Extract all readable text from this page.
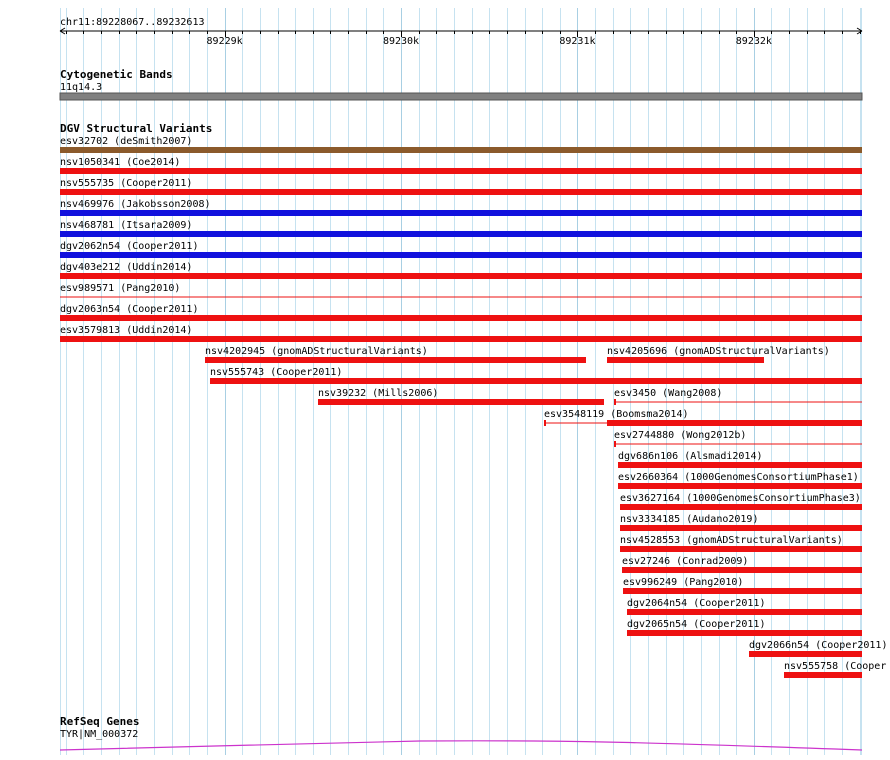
chr11:89228067..89232613
89229k	89230k	89231k	89232k
Cytogenetic Bands
11q14.3
DGV Structural Variants
esv32702 (deSmith2007)
nsv1050341 (Coe2014)
nsv555735 (Cooper2011)
nsv469976 (Jakobsson2008)
nsv468781 (Itsara2009)
dgv2062n54 (Cooper2011)
dgv403e212 (Uddin2014)
esv989571 (Pang2010)
dgv2063n54 (Cooper2011)
esv3579813 (Uddin2014)
nsv4202945 (gnomADStructuralVariants)	nsv4205696 (gnomADStructuralVariants)
nsv555743 (Cooper2011)
nsv39232 (Mills2006)	esv3450 (Wang2008)
esv3548119 (Boomsma2014)
esv2744880 (Wong2012b)
dgv686n106 (Alsmadi2014)
esv2660364 (1000GenomesConsortiumPhase1)
esv3627164 (1000GenomesConsortiumPhase3)
nsv3334185 (Audano2019)
nsv4528553 (gnomADStructuralVariants)
esv27246 (Conrad2009)
esv996249 (Pang2010)
dgv2064n54 (Cooper2011)
dgv2065n54 (Cooper2011)
dgv2066n54 (Cooper2011)
nsv555758 (Cooper
RefSeq Genes
TYR|NM_000372
